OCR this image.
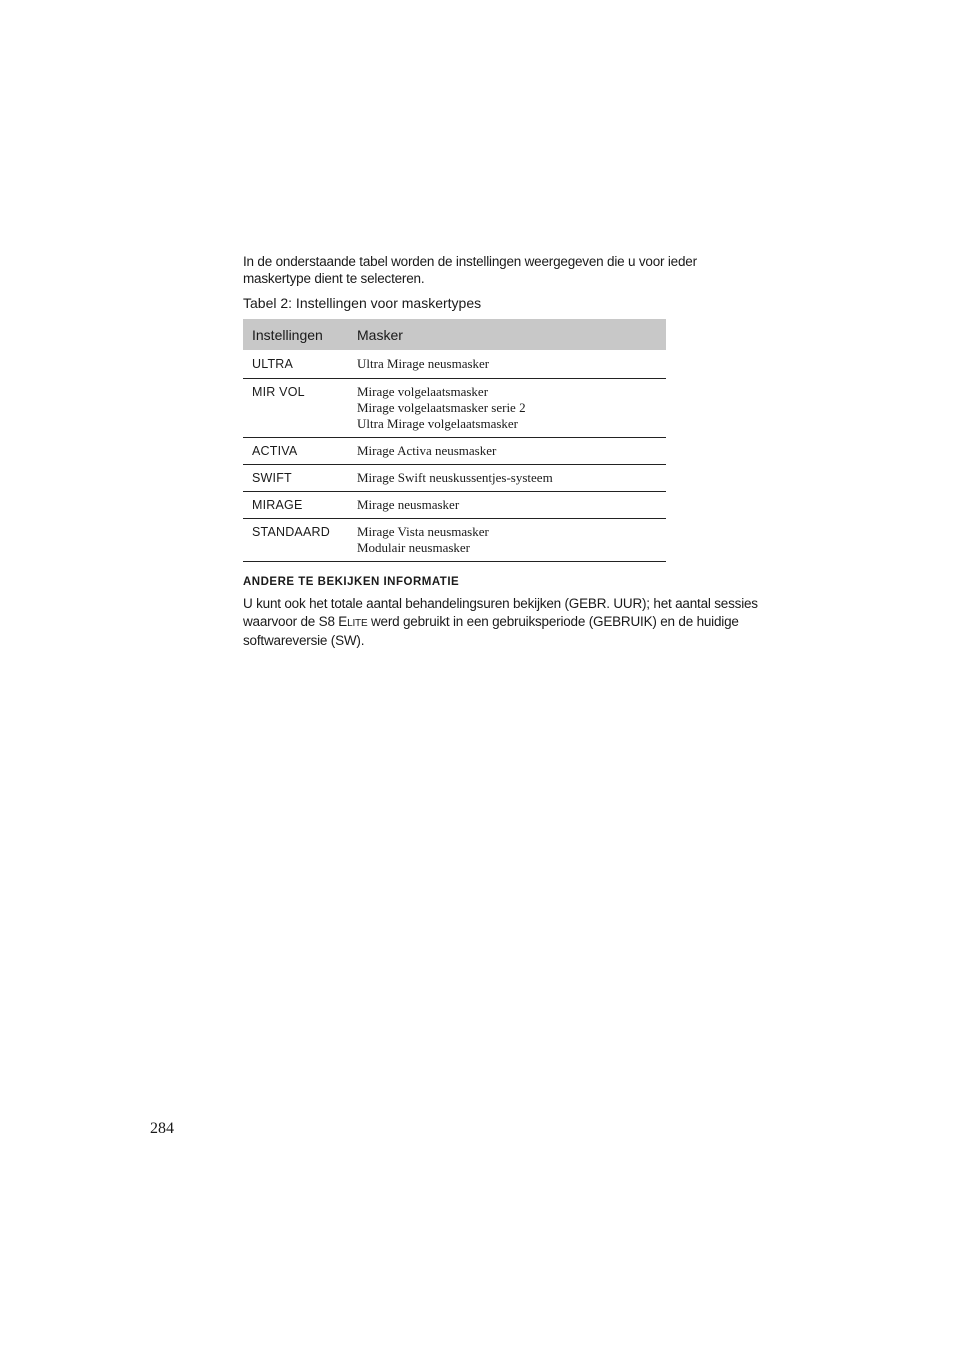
In de onderstaande tabel worden de instellingen weergegeven die u voor ieder maskertype dient te selecteren.

Tabel 2: Instellingen voor maskertypes
Instellingen	Masker
ULTRA	Ultra Mirage neusmasker

MIR VOL	Mirage volgelaatsmasker
Mirage volgelaatsmasker serie 2
Ultra Mirage volgelaatsmasker

ACTIVA	Mirage Activa neusmasker

SWIFT	Mirage Swift neuskussentjes-systeem

MIRAGE	Mirage neusmasker

STANDAARD	Mirage Vista neusmasker
Modulair neusmasker
ANDERE TE BEKIJKEN INFORMATIE

U kunt ook het totale aantal behandelingsuren bekijken (GEBR. UUR); het aantal sessies waarvoor de S8 ELITE werd gebruikt in een gebruiksperiode (GEBRUIK) en de huidige softwareversie (SW).

284
